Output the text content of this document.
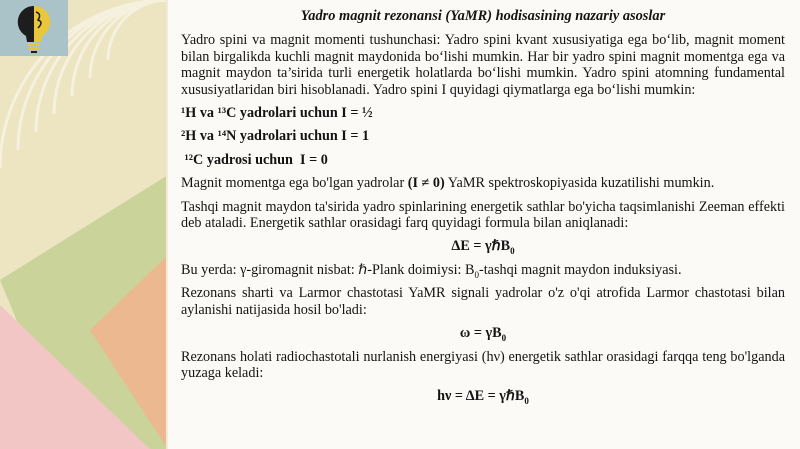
Yadro magnit rezonansi (YaMR) hodisasining nazariy asoslar
Yadro spini va magnit momenti tushunchasi: Yadro spini kvant xususiyatiga ega bo‘lib, magnit moment bilan birgalikda kuchli magnit maydonida bo‘lishi mumkin. Har bir yadro spini magnit momentga ega va magnit maydon ta’sirida turli energetik holatlarda bo‘lishi mumkin. Yadro spini atomning fundamental xususiyatlaridan biri hisoblanadi. Yadro spini I quyidagi qiymatlarga ega bo‘lishi mumkin:
¹H va ¹³C yadrolari uchun I = ½
²H va ¹⁴N yadrolari uchun I = 1
¹²C yadrosi uchun  I = 0
Magnit momentga ega bo'lgan yadrolar (I ≠ 0) YaMR spektroskopiyasida kuzatilishi mumkin.
Tashqi magnit maydon ta'sirida yadro spinlarining energetik sathlar bo'yicha taqsimlanishi Zeeman effekti deb ataladi. Energetik sathlar orasidagi farq quyidagi formula bilan aniqlanadi:
ΔE = γℏB$_0$
Bu yerda: γ-giromagnit nisbat: ℏ-Plank doimiysi: $B_0$-tashqi magnit maydon induksiyasi.
Rezonans sharti va Larmor chastotasi YaMR signali yadrolar o'z o'qi atrofida Larmor chastotasi bilan aylanishi natijasida hosil bo'ladi:
$\omega = \gamma B_0$
Rezonans holati radiochastotali nurlanish energiyasi (hν) energetik sathlar orasidagi farqqa teng bo'lganda yuzaga keladi:
hν = ΔE = γℏB$_0$
